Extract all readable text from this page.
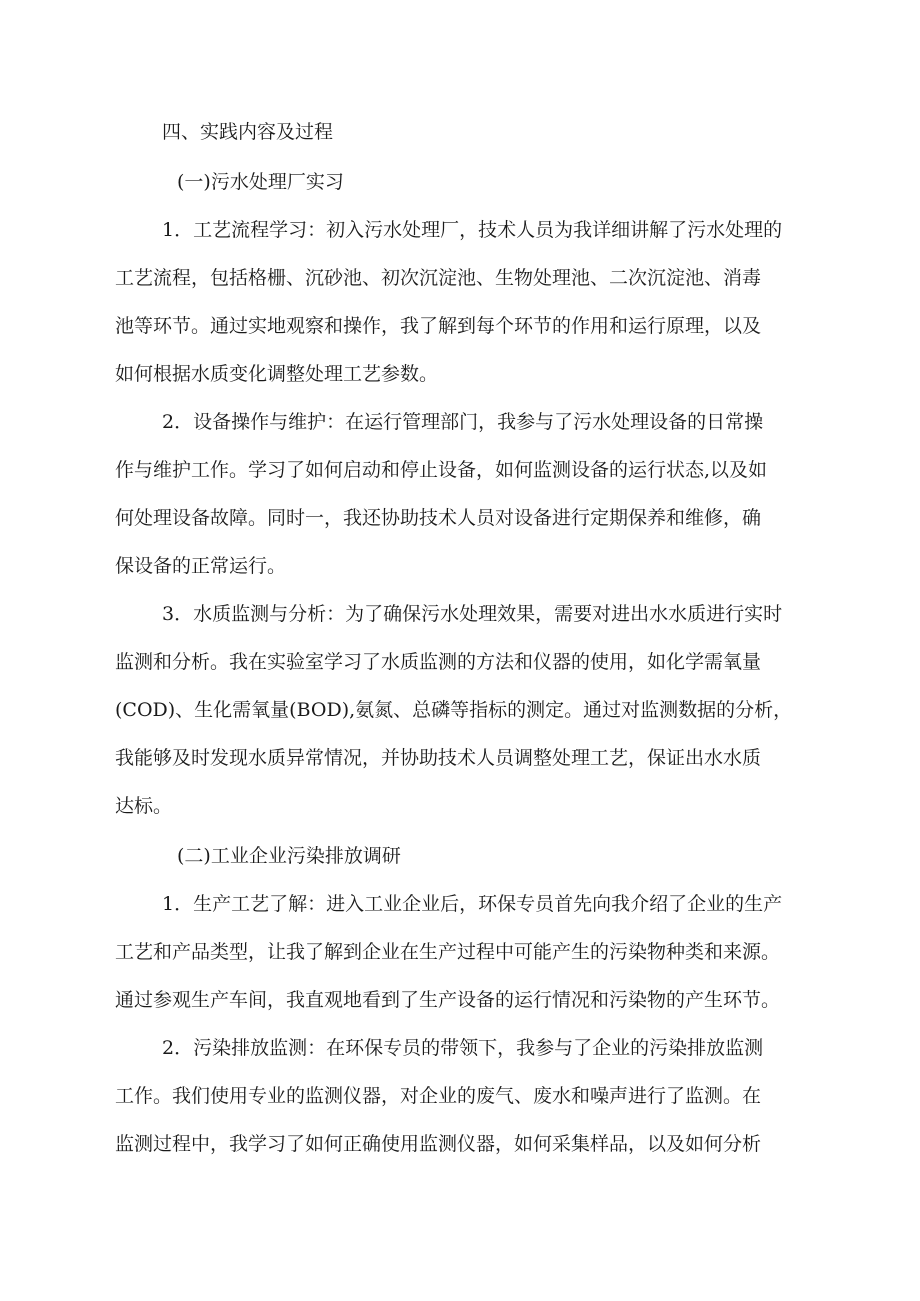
四、实践内容及过程
(一)污水处理厂实习
1．工艺流程学习：初入污水处理厂，技术人员为我详细讲解了污水处理的
工艺流程，包括格栅、沉砂池、初次沉淀池、生物处理池、二次沉淀池、消毒
池等环节。通过实地观察和操作，我了解到每个环节的作用和运行原理，以及
如何根据水质变化调整处理工艺参数。
2．设备操作与维护：在运行管理部门，我参与了污水处理设备的日常操
作与维护工作。学习了如何启动和停止设备，如何监测设备的运行状态,以及如
何处理设备故障。同时一，我还协助技术人员对设备进行定期保养和维修，确
保设备的正常运行。
3．水质监测与分析：为了确保污水处理效果，需要对进出水水质进行实时
监测和分析。我在实验室学习了水质监测的方法和仪器的使用，如化学需氧量
(COD)、生化需氧量(BOD),氨氮、总磷等指标的测定。通过对监测数据的分析，
我能够及时发现水质异常情况，并协助技术人员调整处理工艺，保证出水水质
达标。
(二)工业企业污染排放调研
1．生产工艺了解：进入工业企业后，环保专员首先向我介绍了企业的生产
工艺和产品类型，让我了解到企业在生产过程中可能产生的污染物种类和来源。
通过参观生产车间，我直观地看到了生产设备的运行情况和污染物的产生环节。
2．污染排放监测：在环保专员的带领下，我参与了企业的污染排放监测
工作。我们使用专业的监测仪器，对企业的废气、废水和噪声进行了监测。在
监测过程中，我学习了如何正确使用监测仪器，如何采集样品，以及如何分析
